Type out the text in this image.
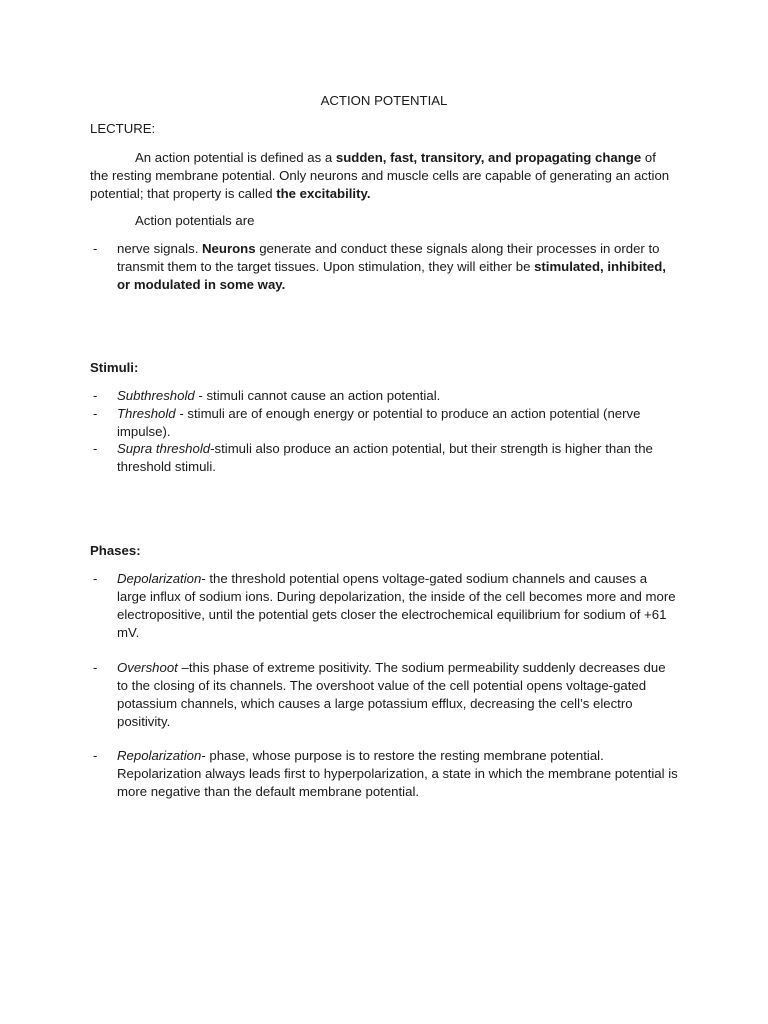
ACTION POTENTIAL
LECTURE:
An action potential is defined as a sudden, fast, transitory, and propagating change of the resting membrane potential. Only neurons and muscle cells are capable of generating an action potential; that property is called the excitability.
Action potentials are
- nerve signals. Neurons generate and conduct these signals along their processes in order to transmit them to the target tissues. Upon stimulation, they will either be stimulated, inhibited, or modulated in some way.
Stimuli:
- Subthreshold - stimuli cannot cause an action potential.
- Threshold - stimuli are of enough energy or potential to produce an action potential (nerve impulse).
- Supra threshold-stimuli also produce an action potential, but their strength is higher than the threshold stimuli.
Phases:
- Depolarization- the threshold potential opens voltage-gated sodium channels and causes a large influx of sodium ions. During depolarization, the inside of the cell becomes more and more electropositive, until the potential gets closer the electrochemical equilibrium for sodium of +61 mV.
- Overshoot –this phase of extreme positivity. The sodium permeability suddenly decreases due to the closing of its channels. The overshoot value of the cell potential opens voltage-gated potassium channels, which causes a large potassium efflux, decreasing the cell’s electro positivity.
- Repolarization- phase, whose purpose is to restore the resting membrane potential. Repolarization always leads first to hyperpolarization, a state in which the membrane potential is more negative than the default membrane potential.
